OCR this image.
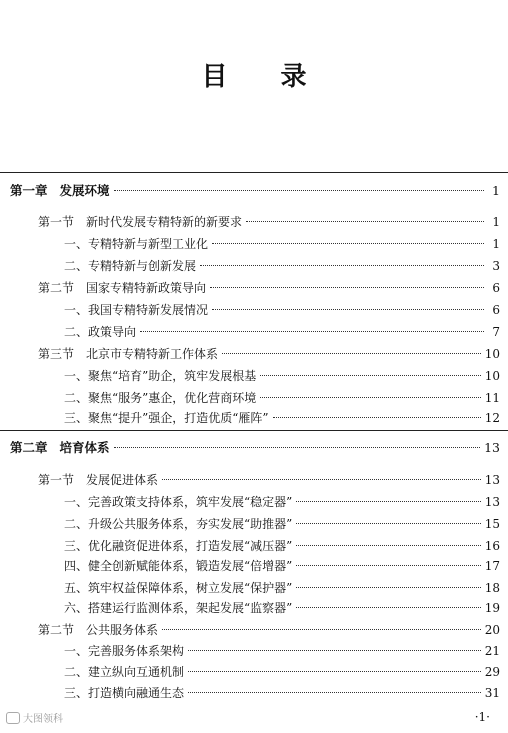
目 录
第一章 发展环境	1
第一节	新时代发展专精特新的新要求	1
一、专精特新与新型工业化	1
二、专精特新与创新发展	3
第二节	国家专精特新政策导向	6
一、我国专精特新发展情况	6
二、政策导向	7
第三节	北京市专精特新工作体系	10
一、聚焦“培育”助企，筑牢发展根基	10
二、聚焦“服务”惠企，优化营商环境	11
三、聚焦“提升”强企，打造优质“雁阵”	12
第二章 培育体系	13
第一节	发展促进体系	13
一、完善政策支持体系，筑牢发展“稳定器”	13
二、升级公共服务体系，夯实发展“助推器”	15
三、优化融资促进体系，打造发展“减压器”	16
四、健全创新赋能体系，锻造发展“倍增器”	17
五、筑牢权益保障体系，树立发展“保护器”	18
六、搭建运行监测体系，架起发展“监察器”	19
第二节	公共服务体系	20
一、完善服务体系架构	21
二、建立纵向互通机制	29
三、打造横向融通生态	31
大图领科	·1·
